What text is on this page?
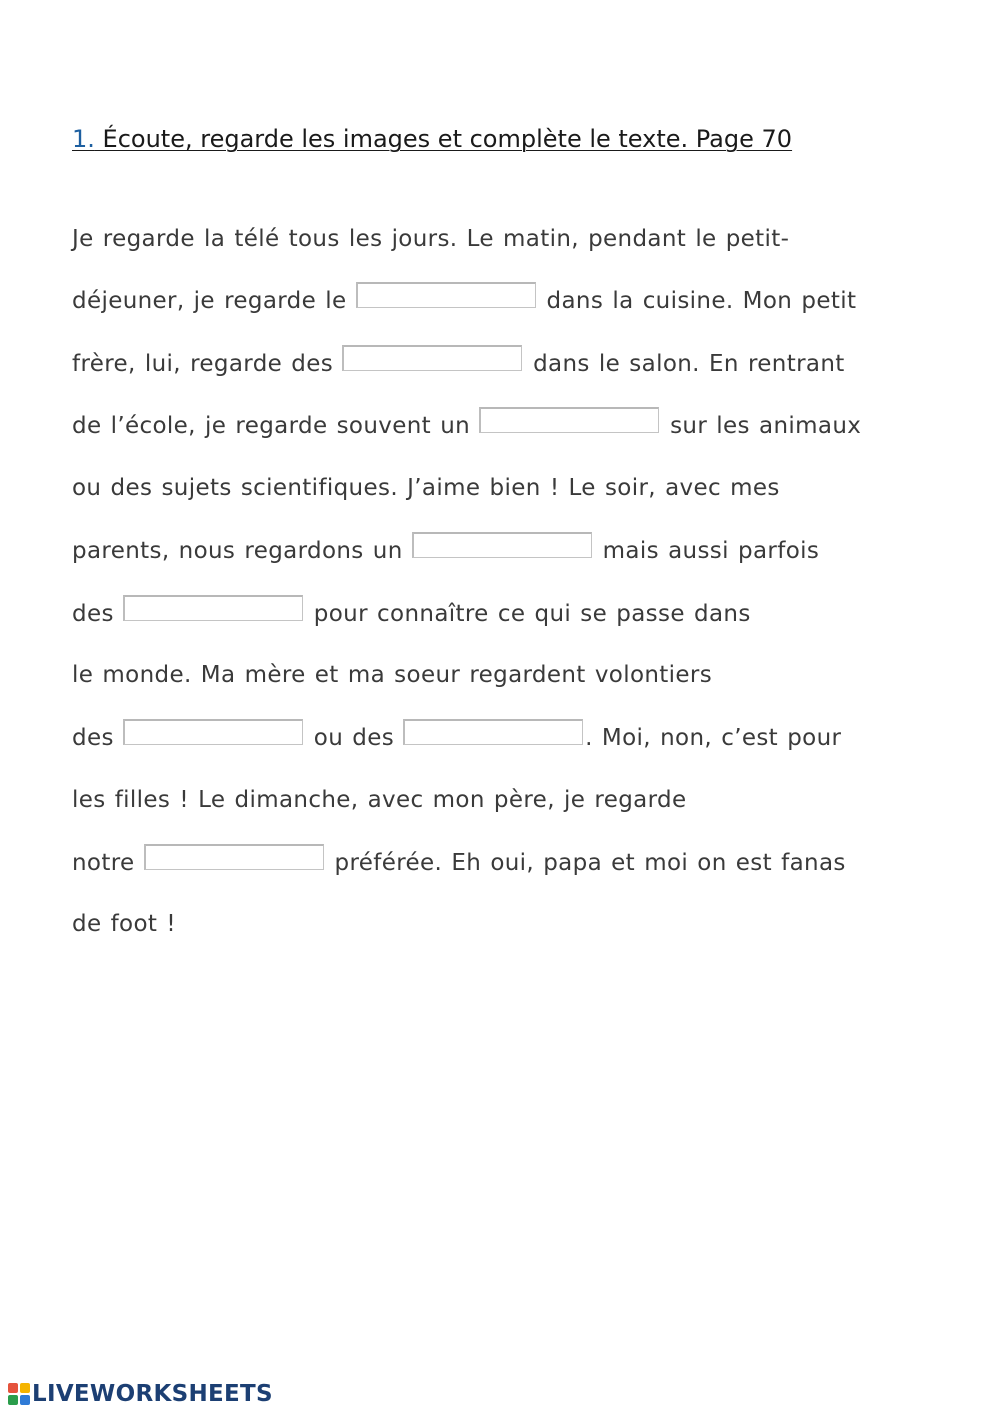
1. Écoute, regarde les images et complète le texte. Page 70
Je regarde la télé tous les jours. Le matin, pendant le petit-
déjeuner, je regarde le	dans la cuisine. Mon petit
frère, lui, regarde des	dans le salon. En rentrant
de l’école, je regarde souvent un	sur les animaux
ou des sujets scientifiques. J’aime bien ! Le soir, avec mes
parents, nous regardons un	mais aussi parfois
des	pour connaître ce qui se passe dans
le monde. Ma mère et ma soeur regardent volontiers
des	ou des	. Moi, non, c’est pour
les filles ! Le dimanche, avec mon père, je regarde
notre	préférée. Eh oui, papa et moi on est fanas
de foot !
LIVEWORKSHEETS
